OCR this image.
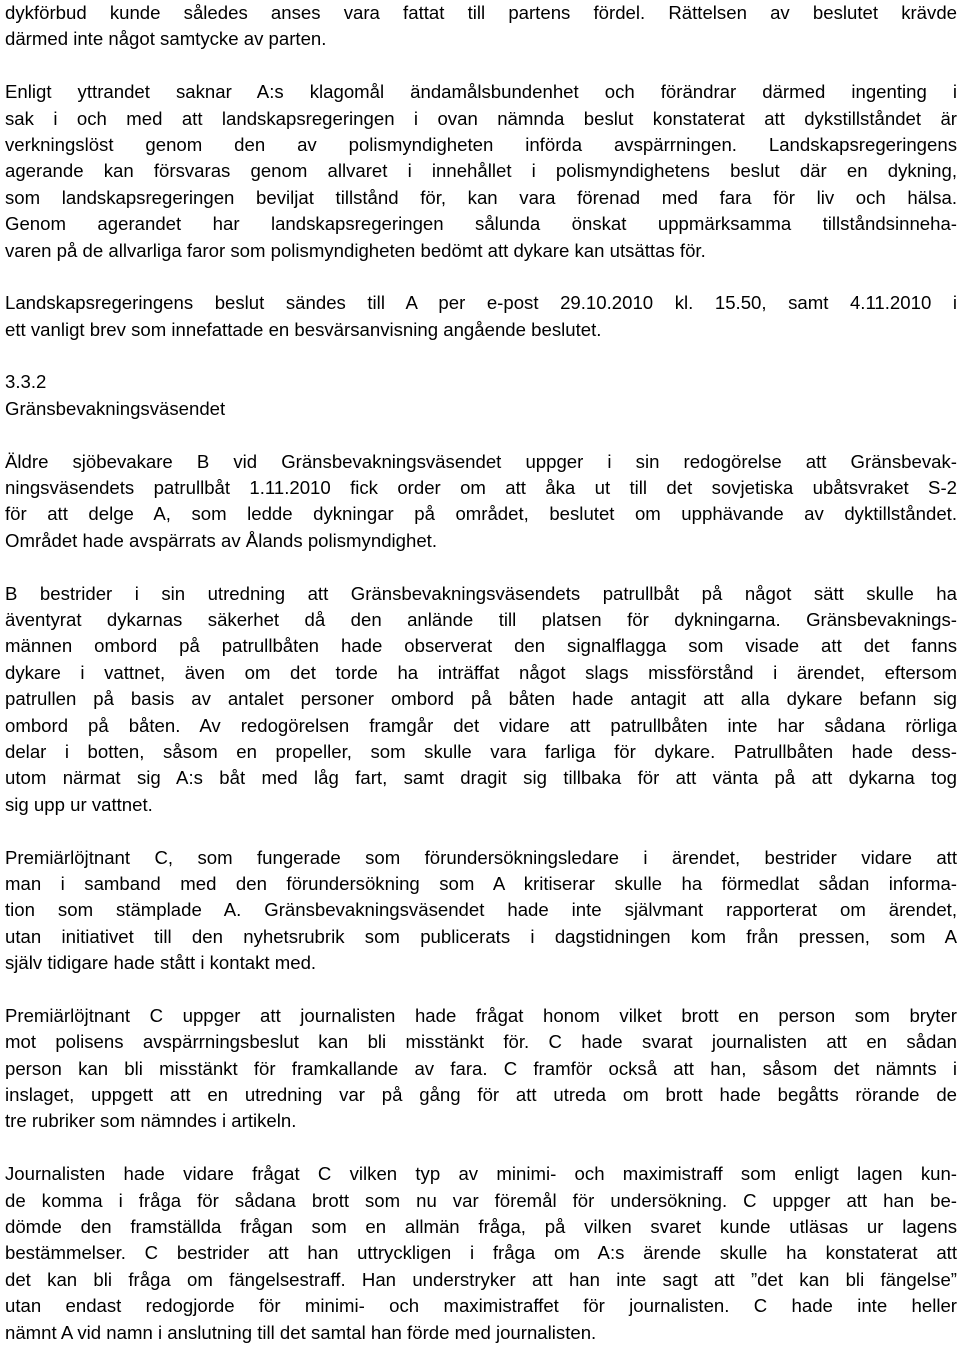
dykförbud kunde således anses vara fattat till partens fördel. Rättelsen av beslutet krävde

därmed inte något samtycke av parten.

Enligt yttrandet saknar A:s klagomål ändamålsbundenhet och förändrar därmed ingenting i

sak i och med att landskapsregeringen i ovan nämnda beslut konstaterat att dykstillståndet är

verkningslöst genom den av polismyndigheten införda avspärrningen. Landskapsregeringens

agerande kan försvaras genom allvaret i innehållet i polismyndighetens beslut där en dykning,

som landskapsregeringen beviljat tillstånd för, kan vara förenad med fara för liv och hälsa.

Genom agerandet har landskapsregeringen sålunda önskat uppmärksamma tillståndsinneha-

varen på de allvarliga faror som polismyndigheten bedömt att dykare kan utsättas för.

Landskapsregeringens beslut sändes till A per e-post 29.10.2010 kl. 15.50, samt 4.11.2010 i

ett vanligt brev som innefattade en besvärsanvisning angående beslutet.

3.3.2

Gränsbevakningsväsendet

Äldre sjöbevakare B vid Gränsbevakningsväsendet uppger i sin redogörelse att Gränsbevak-

ningsväsendets patrullbåt 1.11.2010 fick order om att åka ut till det sovjetiska ubåtsvraket S-2

för att delge A, som ledde dykningar på området, beslutet om upphävande av dyktillståndet.

Området hade avspärrats av Ålands polismyndighet.

B bestrider i sin utredning att Gränsbevakningsväsendets patrullbåt på något sätt skulle ha

äventyrat dykarnas säkerhet då den anlände till platsen för dykningarna. Gränsbevaknings-

männen ombord på patrullbåten hade observerat den signalflagga som visade att det fanns

dykare i vattnet, även om det torde ha inträffat något slags missförstånd i ärendet, eftersom

patrullen på basis av antalet personer ombord på båten hade antagit att alla dykare befann sig

ombord på båten. Av redogörelsen framgår det vidare att patrullbåten inte har sådana rörliga

delar i botten, såsom en propeller, som skulle vara farliga för dykare. Patrullbåten hade dess-

utom närmat sig A:s båt med låg fart, samt dragit sig tillbaka för att vänta på att dykarna tog

sig upp ur vattnet.

Premiärlöjtnant C, som fungerade som förundersökningsledare i ärendet, bestrider vidare att

man i samband med den förundersökning som A kritiserar skulle ha förmedlat sådan informa-

tion som stämplade A. Gränsbevakningsväsendet hade inte självmant rapporterat om ärendet,

utan initiativet till den nyhetsrubrik som publicerats i dagstidningen kom från pressen, som A

själv tidigare hade stått i kontakt med.

Premiärlöjtnant C uppger att journalisten hade frågat honom vilket brott en person som bryter

mot polisens avspärrningsbeslut kan bli misstänkt för. C hade svarat journalisten att en sådan

person kan bli misstänkt för framkallande av fara. C framför också att han, såsom det nämnts i

inslaget, uppgett att en utredning var på gång för att utreda om brott hade begåtts rörande de

tre rubriker som nämndes i artikeln.

Journalisten hade vidare frågat C vilken typ av minimi- och maximistraff som enligt lagen kun-

de komma i fråga för sådana brott som nu var föremål för undersökning. C uppger att han be-

dömde den framställda frågan som en allmän fråga, på vilken svaret kunde utläsas ur lagens

bestämmelser. C bestrider att han uttryckligen i fråga om A:s ärende skulle ha konstaterat att

det kan bli fråga om fängelsestraff. Han understryker att han inte sagt att ”det kan bli fängelse”

utan endast redogjorde för minimi- och maximistraffet för journalisten. C hade inte heller

nämnt A vid namn i anslutning till det samtal han förde med journalisten.
